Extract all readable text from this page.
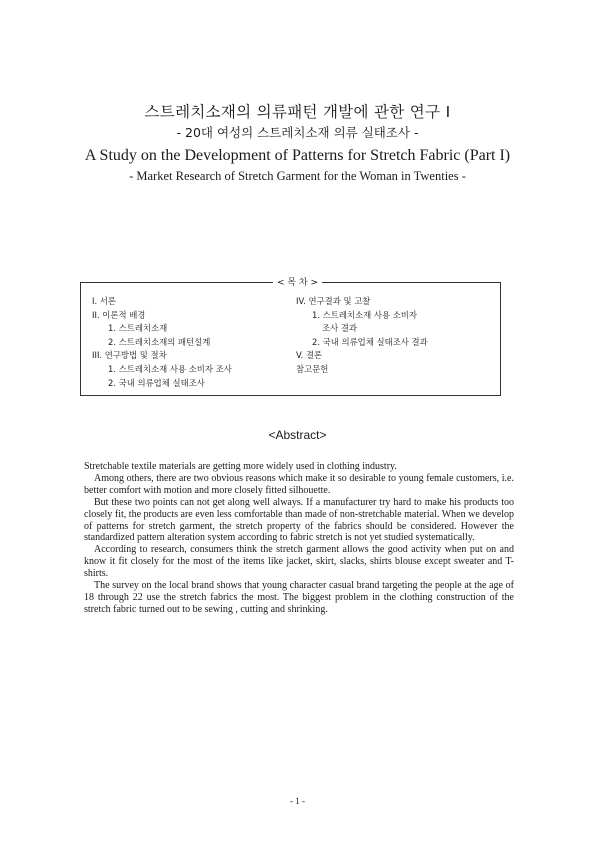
스트레치소재의 의류패턴 개발에 관한 연구 I
- 20대 여성의 스트레치소재 의류 실태조사 -
A Study on the Development of Patterns for Stretch Fabric (Part I)
- Market Research of Stretch Garment for the Woman in Twenties -
< 목 차 >
I. 서론
II. 이론적 배경
1. 스트레치소재
2. 스트레치소재의 패턴설계
III. 연구방법 및 절차
1. 스트레치소재 사용 소비자 조사
2. 국내 의류업체 실태조사
IV. 연구결과 및 고찰
1. 스트레치소재 사용 소비자
조사 결과
2. 국내 의류업체 실태조사 결과
V. 결론
참고문헌
<Abstract>

Stretchable textile materials are getting more widely used in clothing industry.

Among others, there are two obvious reasons which make it so desirable to young female customers, i.e. better comfort with motion and more closely fitted silhouette.

But these two points can not get along well always. If a manufacturer try hard to make his products too closely fit, the products are even less comfortable than made of non-stretchable material. When we develop of patterns for stretch garment, the stretch property of the fabrics should be considered. However the standardized pattern alteration system according to fabric stretch is not yet studied systematically.

According to research, consumers think the stretch garment allows the good activity when put on and know it fit closely for the most of the items like jacket, skirt, slacks, shirts blouse except sweater and T-shirts.

The survey on the local brand shows that young character casual brand targeting the people at the age of 18 through 22 use the stretch fabrics the most. The biggest problem in the clothing construction of the stretch fabric turned out to be sewing , cutting and shrinking.

- 1 -
